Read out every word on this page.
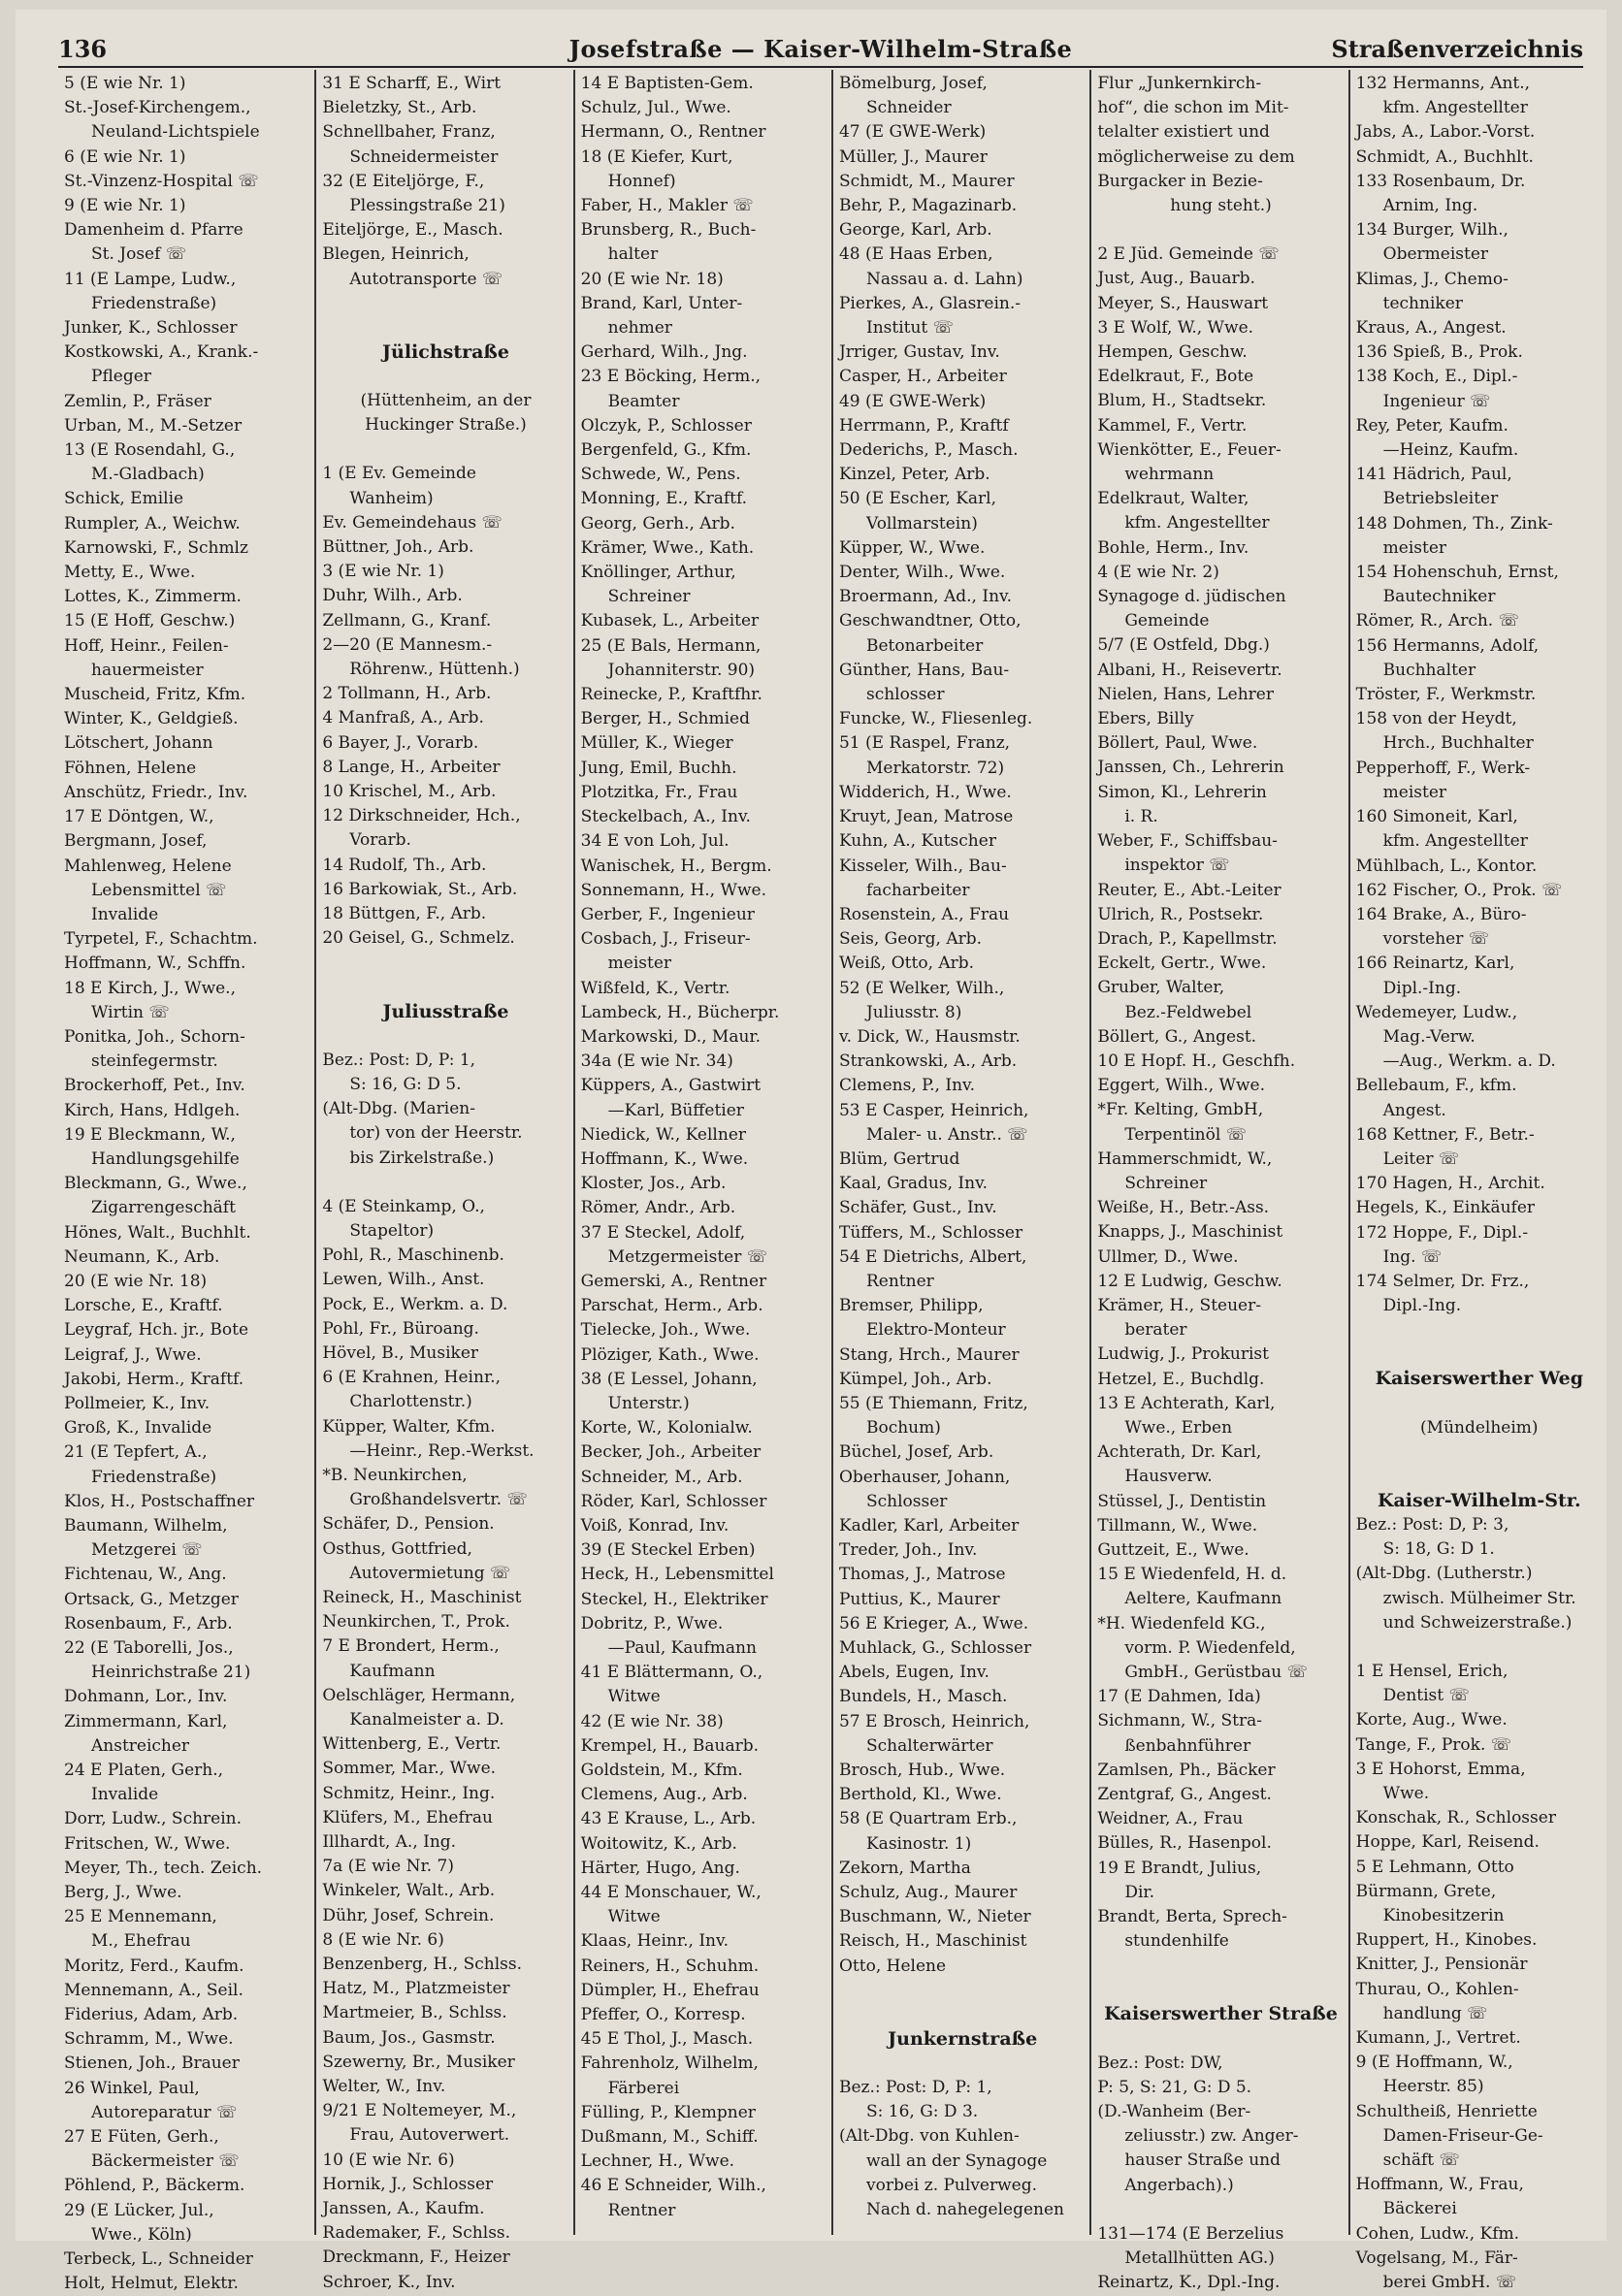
136	Josefstraße — Kaiser-Wilhelm-Straße	Straßenverzeichnis
5 (E wie Nr. 1)
St.-Josef-Kirchengem.,
Neuland-Lichtspiele
6 (E wie Nr. 1)
St.-Vinzenz-Hospital ☏
9 (E wie Nr. 1)
Damenheim d. Pfarre
St. Josef ☏
11 (E Lampe, Ludw.,
Friedenstraße)
Junker, K., Schlosser
Kostkowski, A., Krank.-
Pfleger
Zemlin, P., Fräser
Urban, M., M.-Setzer
13 (E Rosendahl, G.,
M.-Gladbach)
Schick, Emilie
Rumpler, A., Weichw.
Karnowski, F., Schmlz
Metty, E., Wwe.
Lottes, K., Zimmerm.
15 (E Hoff, Geschw.)
Hoff, Heinr., Feilen-
hauermeister
Muscheid, Fritz, Kfm.
Winter, K., Geldgieß.
Lötschert, Johann
Föhnen, Helene
Anschütz, Friedr., Inv.
17 E Döntgen, W.,
Bergmann, Josef,
Mahlenweg, Helene
Lebensmittel ☏
Invalide
Tyrpetel, F., Schachtm.
Hoffmann, W., Schffn.
18 E Kirch, J., Wwe.,
Wirtin ☏
Ponitka, Joh., Schorn-
steinfegermstr.
Brockerhoff, Pet., Inv.
Kirch, Hans, Hdlgeh.
19 E Bleckmann, W.,
Handlungsgehilfe
Bleckmann, G., Wwe.,
Zigarrengeschäft
Hönes, Walt., Buchhlt.
Neumann, K., Arb.
20 (E wie Nr. 18)
Lorsche, E., Kraftf.
Leygraf, Hch. jr., Bote
Leigraf, J., Wwe.
Jakobi, Herm., Kraftf.
Pollmeier, K., Inv.
Groß, K., Invalide
21 (E Tepfert, A.,
Friedenstraße)
Klos, H., Postschaffner
Baumann, Wilhelm,
Metzgerei ☏
Fichtenau, W., Ang.
Ortsack, G., Metzger
Rosenbaum, F., Arb.
22 (E Taborelli, Jos.,
Heinrichstraße 21)
Dohmann, Lor., Inv.
Zimmermann, Karl,
Anstreicher
24 E Platen, Gerh.,
Invalide
Dorr, Ludw., Schrein.
Fritschen, W., Wwe.
Meyer, Th., tech. Zeich.
Berg, J., Wwe.
25 E Mennemann,
M., Ehefrau
Moritz, Ferd., Kaufm.
Mennemann, A., Seil.
Fiderius, Adam, Arb.
Schramm, M., Wwe.
Stienen, Joh., Brauer
26 Winkel, Paul,
Autoreparatur ☏
27 E Füten, Gerh.,
Bäckermeister ☏
Pöhlend, P., Bäckerm.
29 (E Lücker, Jul.,
Wwe., Köln)
Terbeck, L., Schneider
Holt, Helmut, Elektr.
31 E Scharff, E., Wirt
Bieletzky, St., Arb.
Schnellbaher, Franz,
Schneidermeister
32 (E Eiteljörge, F.,
Plessingstraße 21)
Eiteljörge, E., Masch.
Blegen, Heinrich,
Autotransporte ☏
Jülichstraße
(Hüttenheim, an der
Huckinger Straße.)
1 (E Ev. Gemeinde
Wanheim)
Ev. Gemeindehaus ☏
Büttner, Joh., Arb.
3 (E wie Nr. 1)
Duhr, Wilh., Arb.
Zellmann, G., Kranf.
2—20 (E Mannesm.-
Röhrenw., Hüttenh.)
2 Tollmann, H., Arb.
4 Manfraß, A., Arb.
6 Bayer, J., Vorarb.
8 Lange, H., Arbeiter
10 Krischel, M., Arb.
12 Dirkschneider, Hch.,
Vorarb.
14 Rudolf, Th., Arb.
16 Barkowiak, St., Arb.
18 Büttgen, F., Arb.
20 Geisel, G., Schmelz.
Juliusstraße
Bez.: Post: D, P: 1,
S: 16, G: D 5.
(Alt-Dbg. (Marien-
tor) von der Heerstr.
bis Zirkelstraße.)
4 (E Steinkamp, O.,
Stapeltor)
Pohl, R., Maschinenb.
Lewen, Wilh., Anst.
Pock, E., Werkm. a. D.
Pohl, Fr., Büroang.
Hövel, B., Musiker
6 (E Krahnen, Heinr.,
Charlottenstr.)
Küpper, Walter, Kfm.
—Heinr., Rep.-Werkst.
*B. Neunkirchen,
Großhandelsvertr. ☏
Schäfer, D., Pension.
Osthus, Gottfried,
Autovermietung ☏
Reineck, H., Maschinist
Neunkirchen, T., Prok.
7 E Brondert, Herm.,
Kaufmann
Oelschläger, Hermann,
Kanalmeister a. D.
Wittenberg, E., Vertr.
Sommer, Mar., Wwe.
Schmitz, Heinr., Ing.
Klüfers, M., Ehefrau
Illhardt, A., Ing.
7a (E wie Nr. 7)
Winkeler, Walt., Arb.
Dühr, Josef, Schrein.
8 (E wie Nr. 6)
Benzenberg, H., Schlss.
Hatz, M., Platzmeister
Martmeier, B., Schlss.
Baum, Jos., Gasmstr.
Szewerny, Br., Musiker
Welter, W., Inv.
9/21 E Noltemeyer, M.,
Frau, Autoverwert.
10 (E wie Nr. 6)
Hornik, J., Schlosser
Janssen, A., Kaufm.
Rademaker, F., Schlss.
Dreckmann, F., Heizer
Schroer, K., Inv.
14 E Baptisten-Gem.
Schulz, Jul., Wwe.
Hermann, O., Rentner
18 (E Kiefer, Kurt,
Honnef)
Faber, H., Makler ☏
Brunsberg, R., Buch-
halter
20 (E wie Nr. 18)
Brand, Karl, Unter-
nehmer
Gerhard, Wilh., Jng.
23 E Böcking, Herm.,
Beamter
Olczyk, P., Schlosser
Bergenfeld, G., Kfm.
Schwede, W., Pens.
Monning, E., Kraftf.
Georg, Gerh., Arb.
Krämer, Wwe., Kath.
Knöllinger, Arthur,
Schreiner
Kubasek, L., Arbeiter
25 (E Bals, Hermann,
Johanniterstr. 90)
Reinecke, P., Kraftfhr.
Berger, H., Schmied
Müller, K., Wieger
Jung, Emil, Buchh.
Plotzitka, Fr., Frau
Steckelbach, A., Inv.
34 E von Loh, Jul.
Wanischek, H., Bergm.
Sonnemann, H., Wwe.
Gerber, F., Ingenieur
Cosbach, J., Friseur-
meister
Wißfeld, K., Vertr.
Lambeck, H., Bücherpr.
Markowski, D., Maur.
34a (E wie Nr. 34)
Küppers, A., Gastwirt
—Karl, Büffetier
Niedick, W., Kellner
Hoffmann, K., Wwe.
Kloster, Jos., Arb.
Römer, Andr., Arb.
37 E Steckel, Adolf,
Metzgermeister ☏
Gemerski, A., Rentner
Parschat, Herm., Arb.
Tielecke, Joh., Wwe.
Plöziger, Kath., Wwe.
38 (E Lessel, Johann,
Unterstr.)
Korte, W., Kolonialw.
Becker, Joh., Arbeiter
Schneider, M., Arb.
Röder, Karl, Schlosser
Voiß, Konrad, Inv.
39 (E Steckel Erben)
Heck, H., Lebensmittel
Steckel, H., Elektriker
Dobritz, P., Wwe.
—Paul, Kaufmann
41 E Blättermann, O.,
Witwe
42 (E wie Nr. 38)
Krempel, H., Bauarb.
Goldstein, M., Kfm.
Clemens, Aug., Arb.
43 E Krause, L., Arb.
Woitowitz, K., Arb.
Härter, Hugo, Ang.
44 E Monschauer, W.,
Witwe
Klaas, Heinr., Inv.
Reiners, H., Schuhm.
Dümpler, H., Ehefrau
Pfeffer, O., Korresp.
45 E Thol, J., Masch.
Fahrenholz, Wilhelm,
Färberei
Fülling, P., Klempner
Dußmann, M., Schiff.
Lechner, H., Wwe.
46 E Schneider, Wilh.,
Rentner
Bömelburg, Josef,
Schneider
47 (E GWE-Werk)
Müller, J., Maurer
Schmidt, M., Maurer
Behr, P., Magazinarb.
George, Karl, Arb.
48 (E Haas Erben,
Nassau a. d. Lahn)
Pierkes, A., Glasrein.-
Institut ☏
Jrriger, Gustav, Inv.
Casper, H., Arbeiter
49 (E GWE-Werk)
Herrmann, P., Kraftf
Dederichs, P., Masch.
Kinzel, Peter, Arb.
50 (E Escher, Karl,
Vollmarstein)
Küpper, W., Wwe.
Denter, Wilh., Wwe.
Broermann, Ad., Inv.
Geschwandtner, Otto,
Betonarbeiter
Günther, Hans, Bau-
schlosser
Funcke, W., Fliesenleg.
51 (E Raspel, Franz,
Merkatorstr. 72)
Widderich, H., Wwe.
Kruyt, Jean, Matrose
Kuhn, A., Kutscher
Kisseler, Wilh., Bau-
facharbeiter
Rosenstein, A., Frau
Seis, Georg, Arb.
Weiß, Otto, Arb.
52 (E Welker, Wilh.,
Juliusstr. 8)
v. Dick, W., Hausmstr.
Strankowski, A., Arb.
Clemens, P., Inv.
53 E Casper, Heinrich,
Maler- u. Anstr.. ☏
Blüm, Gertrud
Kaal, Gradus, Inv.
Schäfer, Gust., Inv.
Tüffers, M., Schlosser
54 E Dietrichs, Albert,
Rentner
Bremser, Philipp,
Elektro-Monteur
Stang, Hrch., Maurer
Kümpel, Joh., Arb.
55 (E Thiemann, Fritz,
Bochum)
Büchel, Josef, Arb.
Oberhauser, Johann,
Schlosser
Kadler, Karl, Arbeiter
Treder, Joh., Inv.
Thomas, J., Matrose
Puttius, K., Maurer
56 E Krieger, A., Wwe.
Muhlack, G., Schlosser
Abels, Eugen, Inv.
Bundels, H., Masch.
57 E Brosch, Heinrich,
Schalterwärter
Brosch, Hub., Wwe.
Berthold, Kl., Wwe.
58 (E Quartram Erb.,
Kasinostr. 1)
Zekorn, Martha
Schulz, Aug., Maurer
Buschmann, W., Nieter
Reisch, H., Maschinist
Otto, Helene
Junkernstraße
Bez.: Post: D, P: 1,
S: 16, G: D 3.
(Alt-Dbg. von Kuhlen-
wall an der Synagoge
vorbei z. Pulverweg.
Nach d. nahegelegenen
Flur „Junkernkirch-
hof“, die schon im Mit-
telalter existiert und
möglicherweise zu dem
Burgacker in Bezie-
hung steht.)
2 E Jüd. Gemeinde ☏
Just, Aug., Bauarb.
Meyer, S., Hauswart
3 E Wolf, W., Wwe.
Hempen, Geschw.
Edelkraut, F., Bote
Blum, H., Stadtsekr.
Kammel, F., Vertr.
Wienkötter, E., Feuer-
wehrmann
Edelkraut, Walter,
kfm. Angestellter
Bohle, Herm., Inv.
4 (E wie Nr. 2)
Synagoge d. jüdischen
Gemeinde
5/7 (E Ostfeld, Dbg.)
Albani, H., Reisevertr.
Nielen, Hans, Lehrer
Ebers, Billy
Böllert, Paul, Wwe.
Janssen, Ch., Lehrerin
Simon, Kl., Lehrerin
i. R.
Weber, F., Schiffsbau-
inspektor ☏
Reuter, E., Abt.-Leiter
Ulrich, R., Postsekr.
Drach, P., Kapellmstr.
Eckelt, Gertr., Wwe.
Gruber, Walter,
Bez.-Feldwebel
Böllert, G., Angest.
10 E Hopf. H., Geschfh.
Eggert, Wilh., Wwe.
*Fr. Kelting, GmbH,
Terpentinöl ☏
Hammerschmidt, W.,
Schreiner
Weiße, H., Betr.-Ass.
Knapps, J., Maschinist
Ullmer, D., Wwe.
12 E Ludwig, Geschw.
Krämer, H., Steuer-
berater
Ludwig, J., Prokurist
Hetzel, E., Buchdlg.
13 E Achterath, Karl,
Wwe., Erben
Achterath, Dr. Karl,
Hausverw.
Stüssel, J., Dentistin
Tillmann, W., Wwe.
Guttzeit, E., Wwe.
15 E Wiedenfeld, H. d.
Aeltere, Kaufmann
*H. Wiedenfeld KG.,
vorm. P. Wiedenfeld,
GmbH., Gerüstbau ☏
17 (E Dahmen, Ida)
Sichmann, W., Stra-
ßenbahnführer
Zamlsen, Ph., Bäcker
Zentgraf, G., Angest.
Weidner, A., Frau
Bülles, R., Hasenpol.
19 E Brandt, Julius,
Dir.
Brandt, Berta, Sprech-
stundenhilfe
Kaiserswerther Straße
Bez.: Post: DW,
P: 5, S: 21, G: D 5.
(D.-Wanheim (Ber-
zeliusstr.) zw. Anger-
hauser Straße und
Angerbach).)
131—174 (E Berzelius
Metallhütten AG.)
Reinartz, K., Dpl.-Ing.
132 Hermanns, Ant.,
kfm. Angestellter
Jabs, A., Labor.-Vorst.
Schmidt, A., Buchhlt.
133 Rosenbaum, Dr.
Arnim, Ing.
134 Burger, Wilh.,
Obermeister
Klimas, J., Chemo-
techniker
Kraus, A., Angest.
136 Spieß, B., Prok.
138 Koch, E., Dipl.-
Ingenieur ☏
Rey, Peter, Kaufm.
—Heinz, Kaufm.
141 Hädrich, Paul,
Betriebsleiter
148 Dohmen, Th., Zink-
meister
154 Hohenschuh, Ernst,
Bautechniker
Römer, R., Arch. ☏
156 Hermanns, Adolf,
Buchhalter
Tröster, F., Werkmstr.
158 von der Heydt,
Hrch., Buchhalter
Pepperhoff, F., Werk-
meister
160 Simoneit, Karl,
kfm. Angestellter
Mühlbach, L., Kontor.
162 Fischer, O., Prok. ☏
164 Brake, A., Büro-
vorsteher ☏
166 Reinartz, Karl,
Dipl.-Ing.
Wedemeyer, Ludw.,
Mag.-Verw.
—Aug., Werkm. a. D.
Bellebaum, F., kfm.
Angest.
168 Kettner, F., Betr.-
Leiter ☏
170 Hagen, H., Archit.
Hegels, K., Einkäufer
172 Hoppe, F., Dipl.-
Ing. ☏
174 Selmer, Dr. Frz.,
Dipl.-Ing.
Kaiserswerther Weg
(Mündelheim)
Kaiser-Wilhelm-Str.
Bez.: Post: D, P: 3,
S: 18, G: D 1.
(Alt-Dbg. (Lutherstr.)
zwisch. Mülheimer Str.
und Schweizerstraße.)
1 E Hensel, Erich,
Dentist ☏
Korte, Aug., Wwe.
Tange, F., Prok. ☏
3 E Hohorst, Emma,
Wwe.
Konschak, R., Schlosser
Hoppe, Karl, Reisend.
5 E Lehmann, Otto
Bürmann, Grete,
Kinobesitzerin
Ruppert, H., Kinobes.
Knitter, J., Pensionär
Thurau, O., Kohlen-
handlung ☏
Kumann, J., Vertret.
9 (E Hoffmann, W.,
Heerstr. 85)
Schultheiß, Henriette
Damen-Friseur-Ge-
schäft ☏
Hoffmann, W., Frau,
Bäckerei
Cohen, Ludw., Kfm.
Vogelsang, M., Fär-
berei GmbH. ☏
